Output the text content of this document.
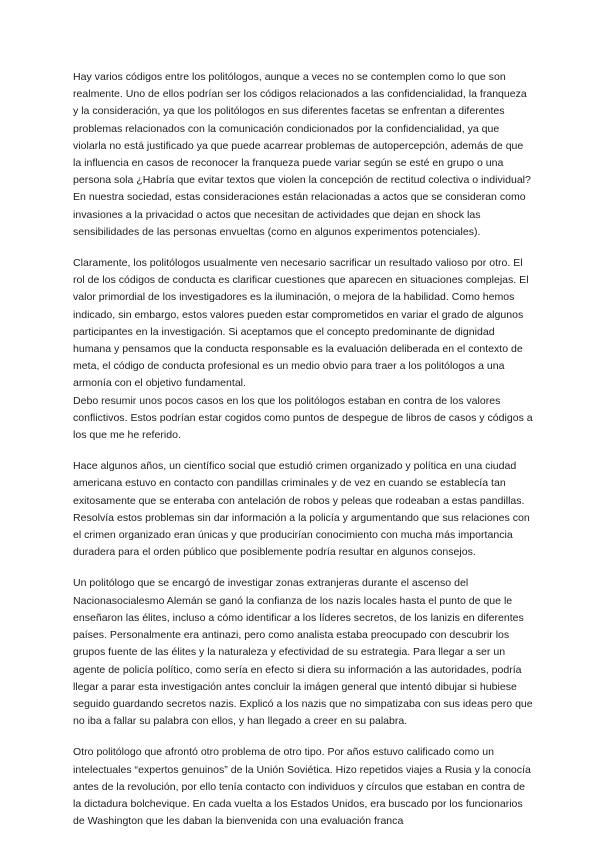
Hay varios códigos entre los politólogos, aunque a veces no se contemplen como lo que son realmente. Uno de ellos podrían ser los códigos relacionados a las confidencialidad, la franqueza y la consideración, ya que los politólogos en sus diferentes facetas se enfrentan a diferentes problemas relacionados con la comunicación condicionados por la confidencialidad, ya que violarla no está justificado ya que puede acarrear problemas de autopercepción, además de que la influencia en casos de reconocer la franqueza puede variar según se esté en grupo o una persona sola ¿Habría que evitar textos que violen la concepción de rectitud colectiva o individual? En nuestra sociedad, estas consideraciones están relacionadas a actos que se consideran como invasiones a la privacidad o actos que necesitan de actividades que dejan en shock las sensibilidades de las personas envueltas (como en algunos experimentos potenciales).

Claramente, los politólogos usualmente ven necesario sacrificar un resultado valioso por otro. El rol de los códigos de conducta es clarificar cuestiones que aparecen en situaciones complejas. El valor primordial de los investigadores es la iluminación, o mejora de la habilidad. Como hemos indicado, sin embargo, estos valores pueden estar comprometidos en variar el grado de algunos participantes en la investigación. Si aceptamos que el concepto predominante de dignidad humana y pensamos que la conducta responsable es la evaluación deliberada en el contexto de meta, el código de conducta profesional es un medio obvio para traer a los politólogos a una armonía con el objetivo fundamental.

Debo resumir unos pocos casos en los que los politólogos estaban en contra de los valores conflictivos. Estos podrían estar cogidos como puntos de despegue de libros de casos y códigos a los que me he referido.

Hace algunos años, un científico social que estudió crimen organizado y política en una ciudad americana estuvo en contacto con pandillas criminales y de vez en cuando se establecía tan exitosamente que se enteraba con antelación de robos y peleas que rodeaban a estas pandillas. Resolvía estos problemas sin dar información a la policía y argumentando que sus relaciones con el crimen organizado eran únicas y que producirían conocimiento con mucha más importancia duradera para el orden público que posiblemente podría resultar en algunos consejos.

Un politólogo que se encargó de investigar zonas extranjeras durante el ascenso del Nacionasocialesmo Alemán se ganó la confianza de los nazis locales hasta el punto de que le enseñaron las élites, incluso a cómo identificar a los líderes secretos, de los lanizis en diferentes países. Personalmente era antinazi, pero como analista estaba preocupado con descubrir los grupos fuente de las élites y la naturaleza y efectividad de su estrategia. Para llegar a ser un agente de policía político, como sería en efecto si diera su información a las autoridades, podría llegar a parar esta investigación antes concluir la imágen general que intentó dibujar si hubiese seguido guardando secretos nazis. Explicó a los nazis que no simpatizaba con sus ideas pero que no iba a fallar su palabra con ellos, y han llegado a creer en su palabra.

Otro politólogo que afrontó otro problema de otro tipo. Por años estuvo calificado como un intelectuales “expertos genuinos” de la Unión Soviética. Hizo repetidos viajes a Rusia y la conocía antes de la revolución, por ello tenía contacto con individuos y círculos que estaban en contra de la dictadura bolchevique. En cada vuelta a los Estados Unidos, era buscado por los funcionarios de Washington que les daban la bienvenida con una evaluación franca
